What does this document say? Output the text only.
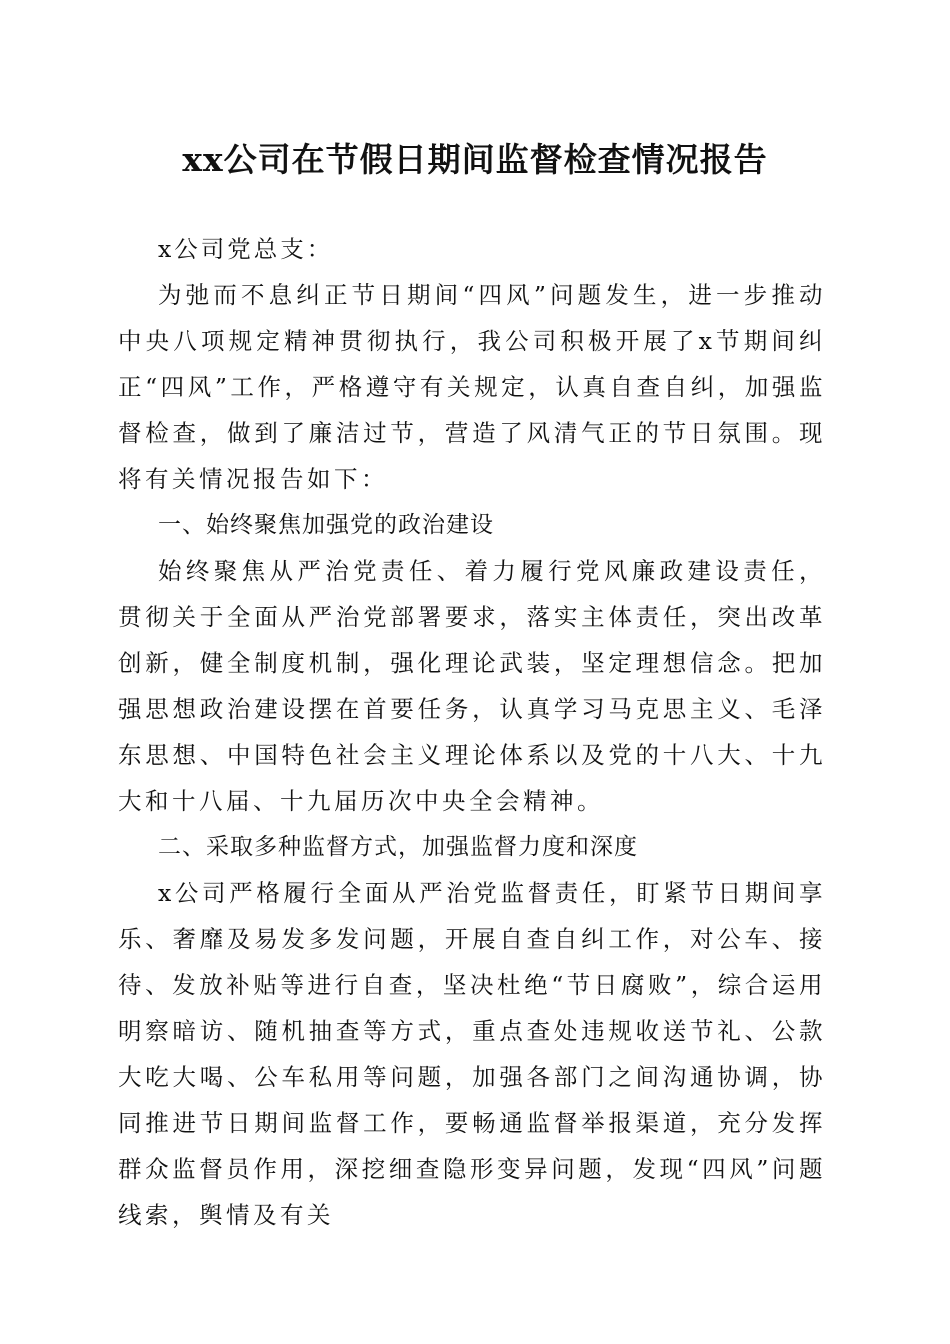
xx公司在节假日期间监督检查情况报告

x公司党总支：

为弛而不息纠正节日期间“四风”问题发生，进一步推动中央八项规定精神贯彻执行，我公司积极开展了x节期间纠正“四风”工作，严格遵守有关规定，认真自查自纠，加强监督检查，做到了廉洁过节，营造了风清气正的节日氛围。现将有关情况报告如下：

一、始终聚焦加强党的政治建设

始终聚焦从严治党责任、着力履行党风廉政建设责任，贯彻关于全面从严治党部署要求，落实主体责任，突出改革创新，健全制度机制，强化理论武装，坚定理想信念。把加强思想政治建设摆在首要任务，认真学习马克思主义、毛泽东思想、中国特色社会主义理论体系以及党的十八大、十九大和十八届、十九届历次中央全会精神。

二、采取多种监督方式，加强监督力度和深度

x公司严格履行全面从严治党监督责任，盯紧节日期间享乐、奢靡及易发多发问题，开展自查自纠工作，对公车、接待、发放补贴等进行自查，坚决杜绝“节日腐败”，综合运用明察暗访、随机抽查等方式，重点查处违规收送节礼、公款大吃大喝、公车私用等问题，加强各部门之间沟通协调，协同推进节日期间监督工作，要畅通监督举报渠道，充分发挥群众监督员作用，深挖细查隐形变异问题，发现“四风”问题线索，舆情及有关
